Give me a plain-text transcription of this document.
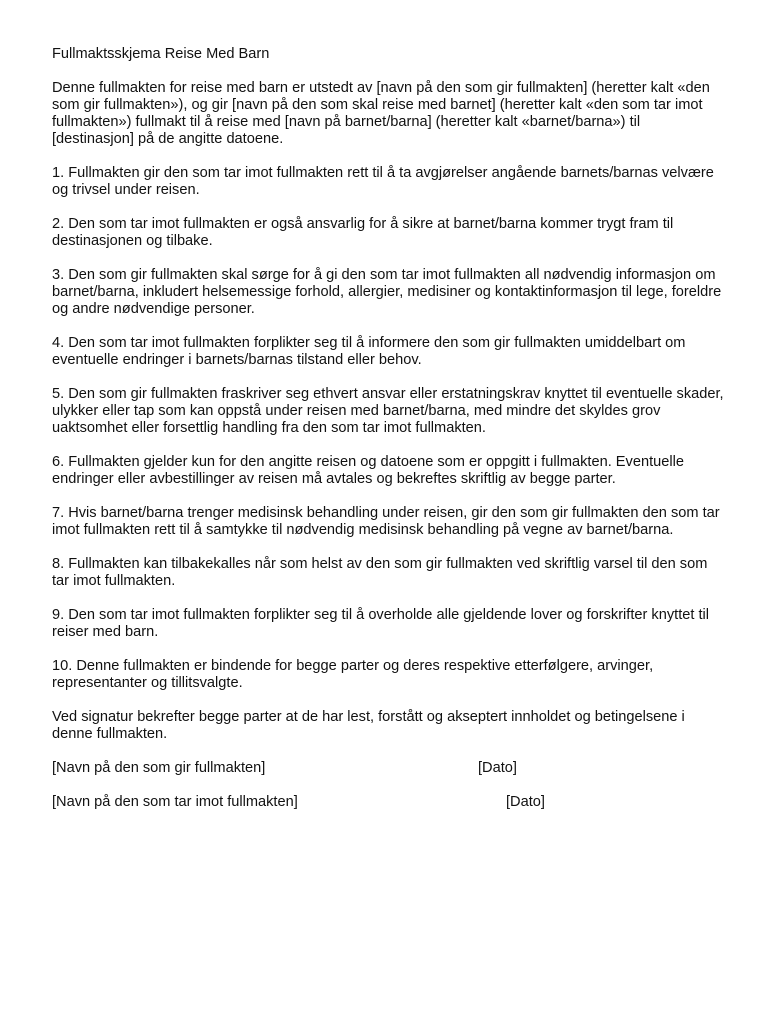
Fullmaktsskjema Reise Med Barn
Denne fullmakten for reise med barn er utstedt av [navn på den som gir fullmakten] (heretter kalt «den som gir fullmakten»), og gir [navn på den som skal reise med barnet] (heretter kalt «den som tar imot fullmakten») fullmakt til å reise med [navn på barnet/barna] (heretter kalt «barnet/barna») til [destinasjon] på de angitte datoene.
1. Fullmakten gir den som tar imot fullmakten rett til å ta avgjørelser angående barnets/barnas velvære og trivsel under reisen.
2. Den som tar imot fullmakten er også ansvarlig for å sikre at barnet/barna kommer trygt fram til destinasjonen og tilbake.
3. Den som gir fullmakten skal sørge for å gi den som tar imot fullmakten all nødvendig informasjon om barnet/barna, inkludert helsemessige forhold, allergier, medisiner og kontaktinformasjon til lege, foreldre og andre nødvendige personer.
4. Den som tar imot fullmakten forplikter seg til å informere den som gir fullmakten umiddelbart om eventuelle endringer i barnets/barnas tilstand eller behov.
5. Den som gir fullmakten fraskriver seg ethvert ansvar eller erstatningskrav knyttet til eventuelle skader, ulykker eller tap som kan oppstå under reisen med barnet/barna, med mindre det skyldes grov uaktsomhet eller forsettlig handling fra den som tar imot fullmakten.
6. Fullmakten gjelder kun for den angitte reisen og datoene som er oppgitt i fullmakten. Eventuelle endringer eller avbestillinger av reisen må avtales og bekreftes skriftlig av begge parter.
7. Hvis barnet/barna trenger medisinsk behandling under reisen, gir den som gir fullmakten den som tar imot fullmakten rett til å samtykke til nødvendig medisinsk behandling på vegne av barnet/barna.
8. Fullmakten kan tilbakekalles når som helst av den som gir fullmakten ved skriftlig varsel til den som tar imot fullmakten.
9. Den som tar imot fullmakten forplikter seg til å overholde alle gjeldende lover og forskrifter knyttet til reiser med barn.
10. Denne fullmakten er bindende for begge parter og deres respektive etterfølgere, arvinger, representanter og tillitsvalgte.
Ved signatur bekrefter begge parter at de har lest, forstått og akseptert innholdet og betingelsene i denne fullmakten.
[Navn på den som gir fullmakten]	[Dato]
[Navn på den som tar imot fullmakten]	[Dato]
